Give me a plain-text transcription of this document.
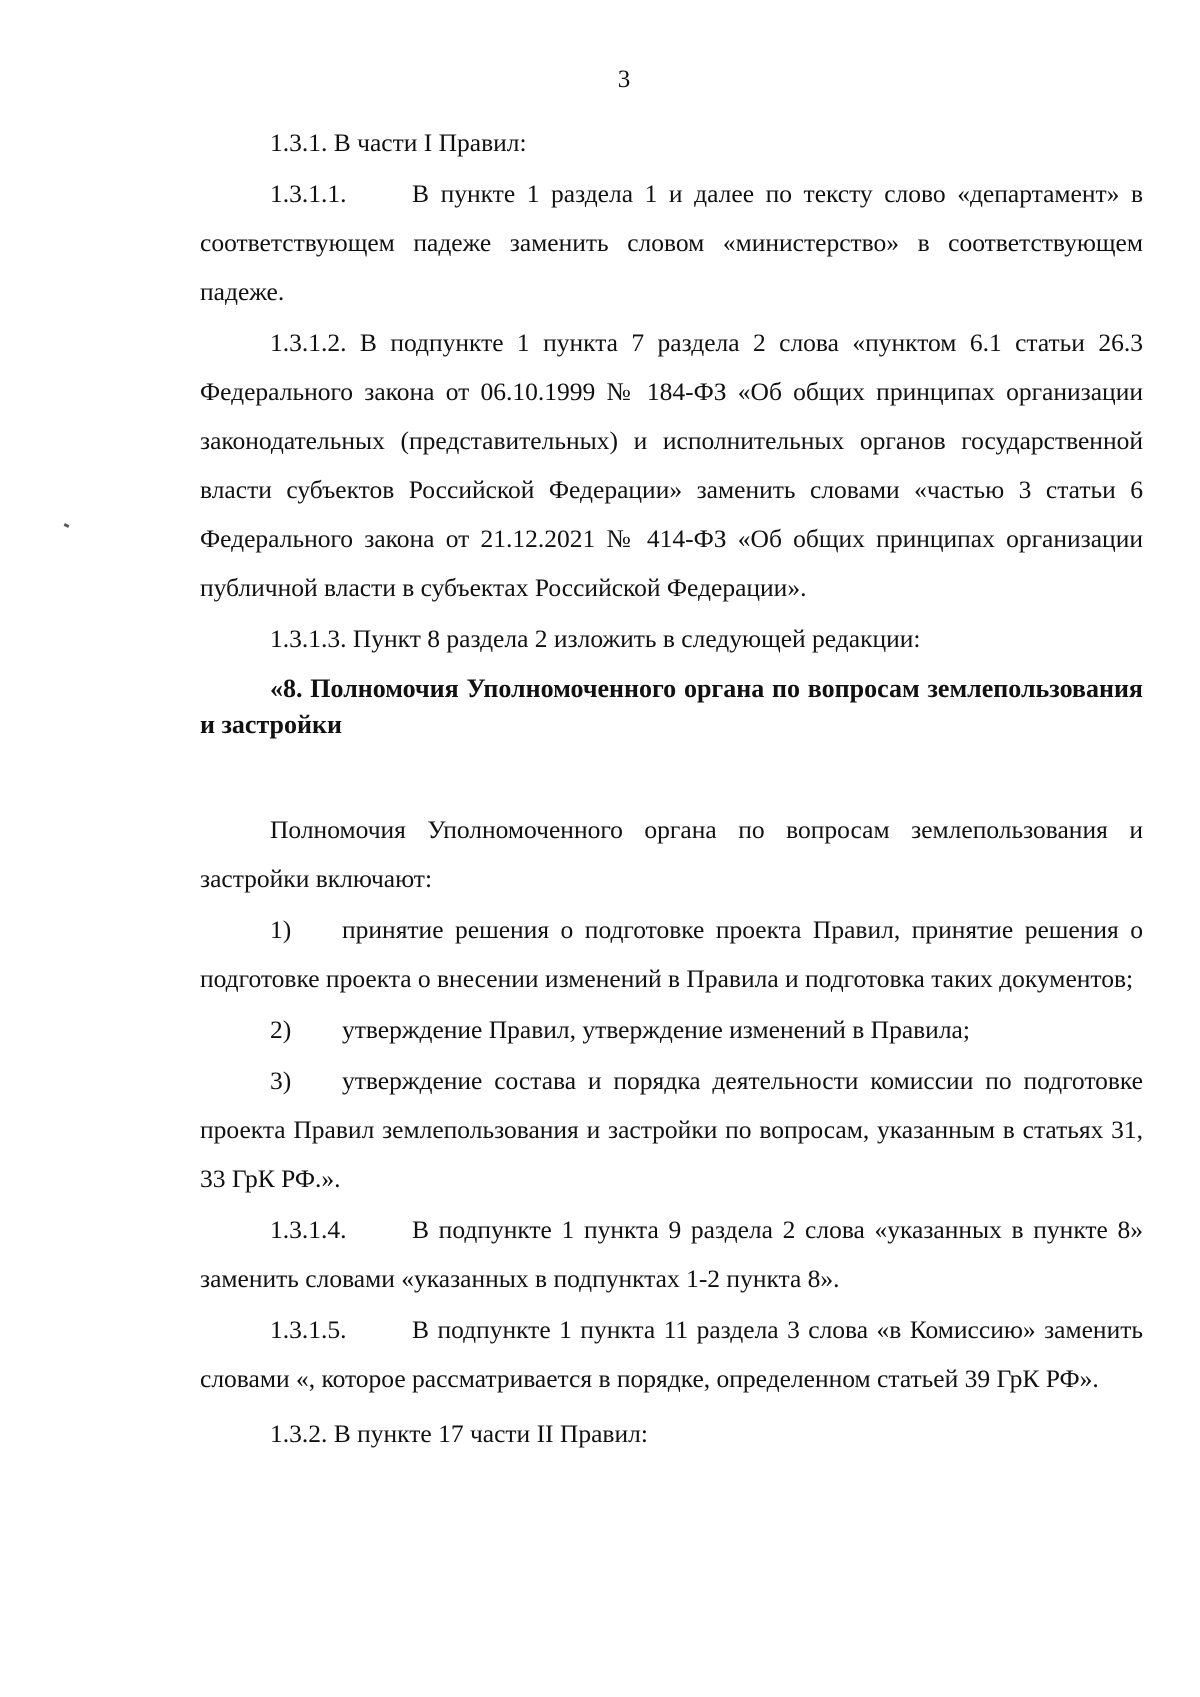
3

1.3.1. В части I Правил:

1.3.1.1.	В пункте 1 раздела 1 и далее по тексту слово «департамент» в соответствующем падеже заменить словом «министерство» в соответствующем падеже.

1.3.1.2. В подпункте 1 пункта 7 раздела 2 слова «пунктом 6.1 статьи 26.3 Федерального закона от 06.10.1999 № 184-ФЗ «Об общих принципах организации законодательных (представительных) и исполнительных органов государственной власти субъектов Российской Федерации» заменить словами «частью 3 статьи 6 Федерального закона от 21.12.2021 № 414-ФЗ «Об общих принципах организации публичной власти в субъектах Российской Федерации».

1.3.1.3. Пункт 8 раздела 2 изложить в следующей редакции:

«8. Полномочия Уполномоченного органа по вопросам землепользования и застройки

Полномочия Уполномоченного органа по вопросам землепользования и застройки включают:

1) принятие решения о подготовке проекта Правил, принятие решения о подготовке проекта о внесении изменений в Правила и подготовка таких документов;

2) утверждение Правил, утверждение изменений в Правила;

3) утверждение состава и порядка деятельности комиссии по подготовке проекта Правил землепользования и застройки по вопросам, указанным в статьях 31, 33 ГрК РФ.».

1.3.1.4.	В подпункте 1 пункта 9 раздела 2 слова «указанных в пункте 8» заменить словами «указанных в подпунктах 1-2 пункта 8».

1.3.1.5.	В подпункте 1 пункта 11 раздела 3 слова «в Комиссию» заменить словами «, которое рассматривается в порядке, определенном статьей 39 ГрК РФ».

1.3.2. В пункте 17 части II Правил:
